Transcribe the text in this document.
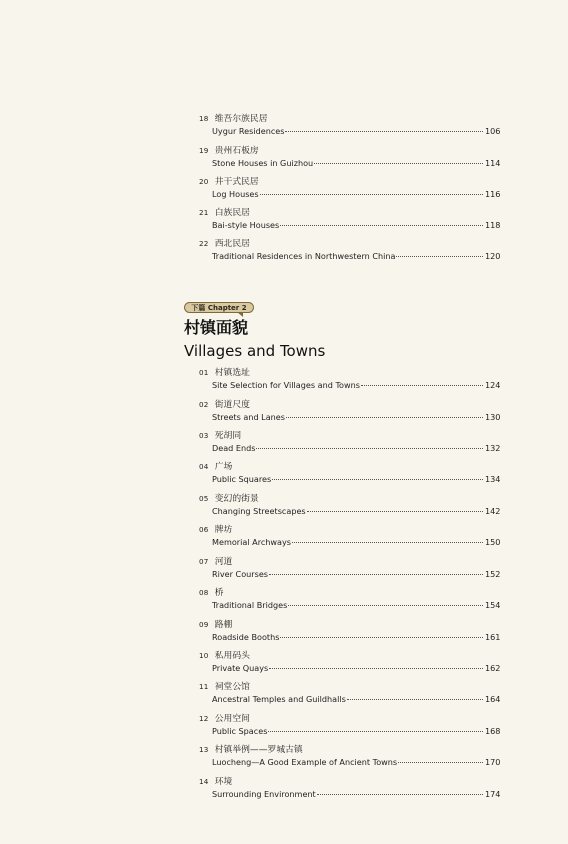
18 维吾尔族民居
Uygur Residences	106
19 贵州石板房
Stone Houses in Guizhou	114
20 井干式民居
Log Houses	116
21 白族民居
Bai-style Houses	118
22 西北民居
Traditional Residences in Northwestern China	120
下篇 Chapter 2
村镇面貌
Villages and Towns
01 村镇选址
Site Selection for Villages and Towns	124
02 街道尺度
Streets and Lanes	130
03 死胡同
Dead Ends	132
04 广场
Public Squares	134
05 变幻的街景
Changing Streetscapes	142
06 牌坊
Memorial Archways	150
07 河道
River Courses	152
08 桥
Traditional Bridges	154
09 路棚
Roadside Booths	161
10 私用码头
Private Quays	162
11 祠堂公馆
Ancestral Temples and Guildhalls	164
12 公用空间
Public Spaces	168
13 村镇举例——罗城古镇
Luocheng—A Good Example of Ancient Towns	170
14 环境
Surrounding Environment	174
